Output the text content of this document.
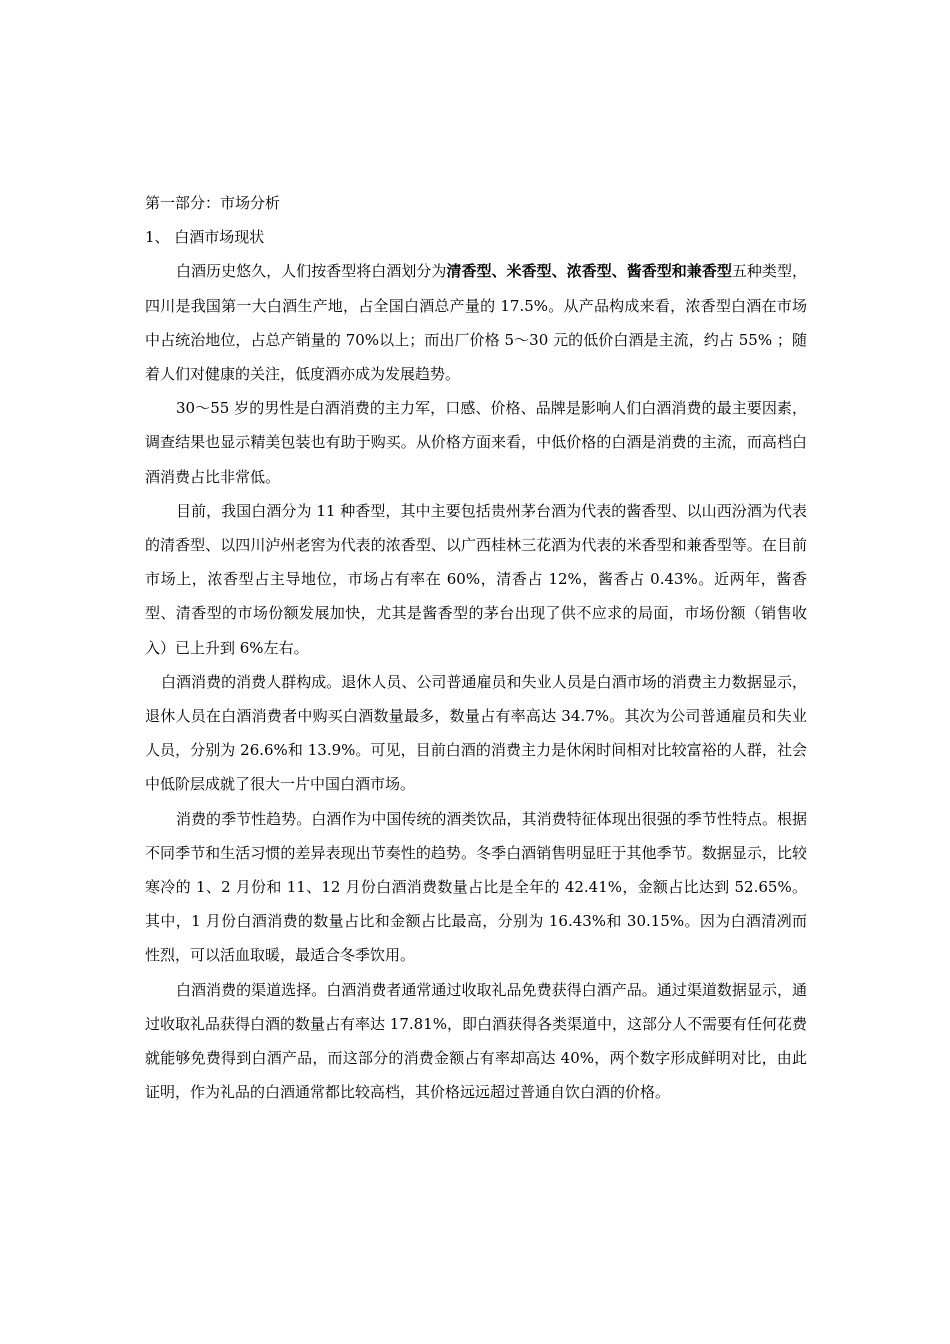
第一部分：市场分析

1、 白酒市场现状

白酒历史悠久，人们按香型将白酒划分为清香型、米香型、浓香型、酱香型和兼香型五种类型，四川是我国第一大白酒生产地，占全国白酒总产量的 17.5%。从产品构成来看，浓香型白酒在市场中占统治地位，占总产销量的 70%以上；而出厂价格 5～30 元的低价白酒是主流，约占 55% ；随着人们对健康的关注，低度酒亦成为发展趋势。

30～55 岁的男性是白酒消费的主力军，口感、价格、品牌是影响人们白酒消费的最主要因素，调查结果也显示精美包装也有助于购买。从价格方面来看，中低价格的白酒是消费的主流，而高档白酒消费占比非常低。

目前，我国白酒分为 11 种香型，其中主要包括贵州茅台酒为代表的酱香型、以山西汾酒为代表的清香型、以四川泸州老窖为代表的浓香型、以广西桂林三花酒为代表的米香型和兼香型等。在目前市场上，浓香型占主导地位，市场占有率在 60%，清香占 12%，酱香占 0.43%。近两年，酱香型、清香型的市场份额发展加快，尤其是酱香型的茅台出现了供不应求的局面，市场份额（销售收入）已上升到 6%左右。

白酒消费的消费人群构成。退休人员、公司普通雇员和失业人员是白酒市场的消费主力数据显示，退休人员在白酒消费者中购买白酒数量最多，数量占有率高达 34.7%。其次为公司普通雇员和失业人员，分别为 26.6%和 13.9%。可见，目前白酒的消费主力是休闲时间相对比较富裕的人群，社会中低阶层成就了很大一片中国白酒市场。

消费的季节性趋势。白酒作为中国传统的酒类饮品，其消费特征体现出很强的季节性特点。根据不同季节和生活习惯的差异表现出节奏性的趋势。冬季白酒销售明显旺于其他季节。数据显示，比较寒冷的 1、2 月份和 11、12 月份白酒消费数量占比是全年的 42.41%，金额占比达到 52.65%。其中，1 月份白酒消费的数量占比和金额占比最高，分别为 16.43%和 30.15%。因为白酒清冽而性烈，可以活血取暖，最适合冬季饮用。

白酒消费的渠道选择。白酒消费者通常通过收取礼品免费获得白酒产品。通过渠道数据显示，通过收取礼品获得白酒的数量占有率达 17.81%，即白酒获得各类渠道中，这部分人不需要有任何花费就能够免费得到白酒产品，而这部分的消费金额占有率却高达 40%，两个数字形成鲜明对比，由此证明，作为礼品的白酒通常都比较高档，其价格远远超过普通自饮白酒的价格。
